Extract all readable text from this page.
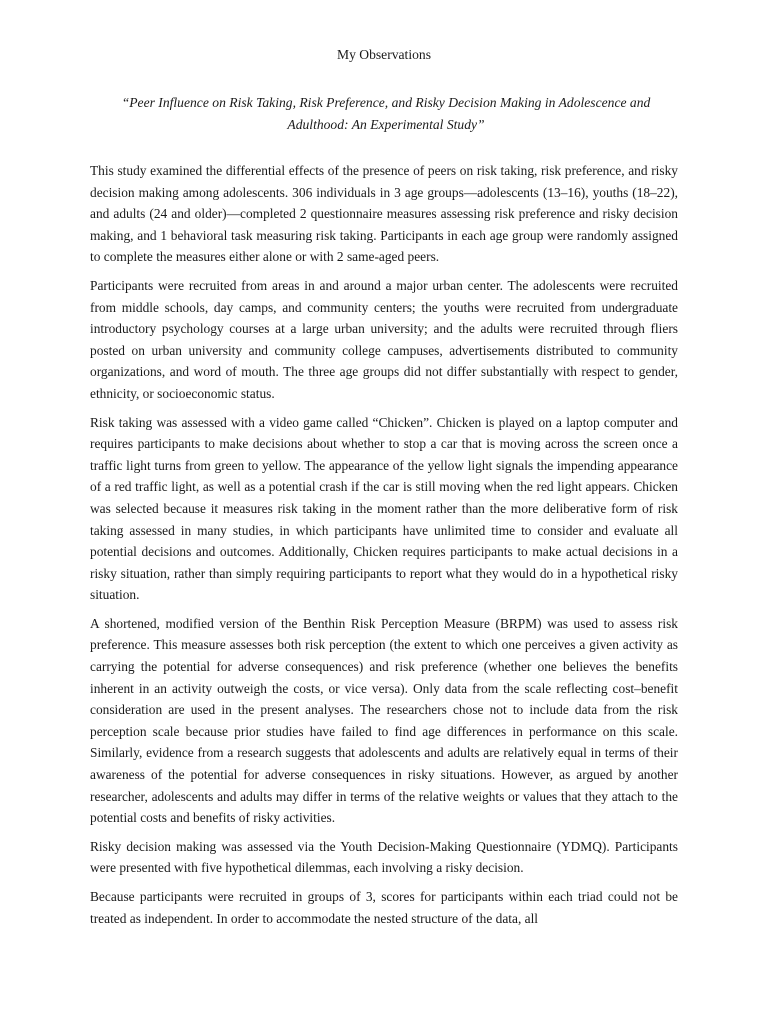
My Observations

“Peer Influence on Risk Taking, Risk Preference, and Risky Decision Making in Adolescence and Adulthood: An Experimental Study”

This study examined the differential effects of the presence of peers on risk taking, risk preference, and risky decision making among adolescents. 306 individuals in 3 age groups—adolescents (13–16), youths (18–22), and adults (24 and older)—completed 2 questionnaire measures assessing risk preference and risky decision making, and 1 behavioral task measuring risk taking. Participants in each age group were randomly assigned to complete the measures either alone or with 2 same-aged peers.

Participants were recruited from areas in and around a major urban center. The adolescents were recruited from middle schools, day camps, and community centers; the youths were recruited from undergraduate introductory psychology courses at a large urban university; and the adults were recruited through fliers posted on urban university and community college campuses, advertisements distributed to community organizations, and word of mouth. The three age groups did not differ substantially with respect to gender, ethnicity, or socioeconomic status.

Risk taking was assessed with a video game called “Chicken”. Chicken is played on a laptop computer and requires participants to make decisions about whether to stop a car that is moving across the screen once a traffic light turns from green to yellow. The appearance of the yellow light signals the impending appearance of a red traffic light, as well as a potential crash if the car is still moving when the red light appears. Chicken was selected because it measures risk taking in the moment rather than the more deliberative form of risk taking assessed in many studies, in which participants have unlimited time to consider and evaluate all potential decisions and outcomes. Additionally, Chicken requires participants to make actual decisions in a risky situation, rather than simply requiring participants to report what they would do in a hypothetical risky situation.

A shortened, modified version of the Benthin Risk Perception Measure (BRPM) was used to assess risk preference. This measure assesses both risk perception (the extent to which one perceives a given activity as carrying the potential for adverse consequences) and risk preference (whether one believes the benefits inherent in an activity outweigh the costs, or vice versa). Only data from the scale reflecting cost–benefit consideration are used in the present analyses. The researchers chose not to include data from the risk perception scale because prior studies have failed to find age differences in performance on this scale. Similarly, evidence from a research suggests that adolescents and adults are relatively equal in terms of their awareness of the potential for adverse consequences in risky situations. However, as argued by another researcher, adolescents and adults may differ in terms of the relative weights or values that they attach to the potential costs and benefits of risky activities.

Risky decision making was assessed via the Youth Decision-Making Questionnaire (YDMQ). Participants were presented with five hypothetical dilemmas, each involving a risky decision.

Because participants were recruited in groups of 3, scores for participants within each triad could not be treated as independent. In order to accommodate the nested structure of the data, all
